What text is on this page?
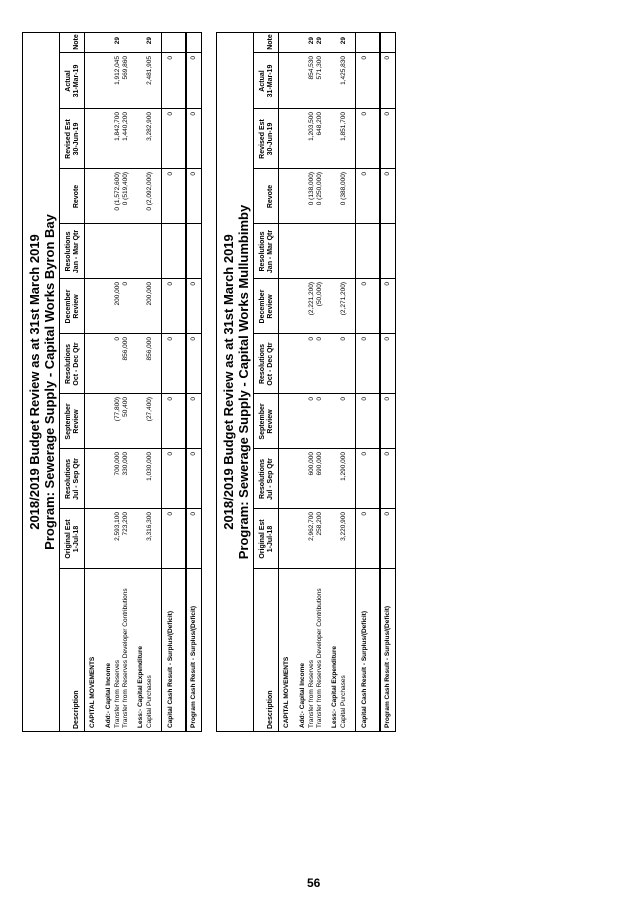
2018/2019 Budget Review as at 31st March 2019 Program: Sewerage Supply - Capital Works Byron Bay
Description
Original Est 1-Jul-18
Resolutions Jul - Sep Qtr
September Review
Resolutions Oct - Dec Qtr
December Review
Resolutions Jan - Mar Qtr
Revote
Revised Est 30-Jun-19
Actual 31-Mar-19
Note
CAPITAL MOVEMENTS Add:- Capital Income Transfer from Reserves
2,593,100
700,000
(77,800)
0
200,000
0 (1,572,600)
1,842,700
1,912,045
29
Transfer from Reserves Developer Contributions
723,200
330,000
50,400
856,000
0
0 (519,400)
1,440,200
569,860
Less:- Capital Expenditure Capital Purchases
3,316,300
1,030,000
(27,400)
856,000
200,000
0 (2,092,000)
3,282,900
2,481,905
29
Capital Cash Result - Surplus/(Deficit)
0
0
0
0
0
0
0
0
Program Cash Result - Surplus/(Deficit)
0
0
0
0
0
0
0
0
2018/2019 Budget Review as at 31st March 2019 Program: Sewerage Supply - Capital Works Mullumbimby
Description
Original Est 1-Jul-18
Resolutions Jul - Sep Qtr
September Review
Resolutions Oct - Dec Qtr
December Review
Resolutions Jan - Mar Qtr
Revote
Revised Est 30-Jun-19
Actual 31-Mar-19
Note
CAPITAL MOVEMENTS Add:- Capital Income Transfer from Reserves
2,962,700
600,000
0
0
(2,221,200)
0 (138,000)
1,203,500
854,530
29
Transfer from Reserves Developer Contributions
258,200
690,000
0
0
(50,000)
0 (250,000)
648,200
571,300
29
Less:- Capital Expenditure Capital Purchases
3,220,900
1,290,000
0
0
(2,271,200)
0 (388,000)
1,851,700
1,425,830
29
Capital Cash Result - Surplus/(Deficit)
0
0
0
0
0
0
0
0
Program Cash Result - Surplus/(Deficit)
0
0
0
0
0
0
0
0
56
